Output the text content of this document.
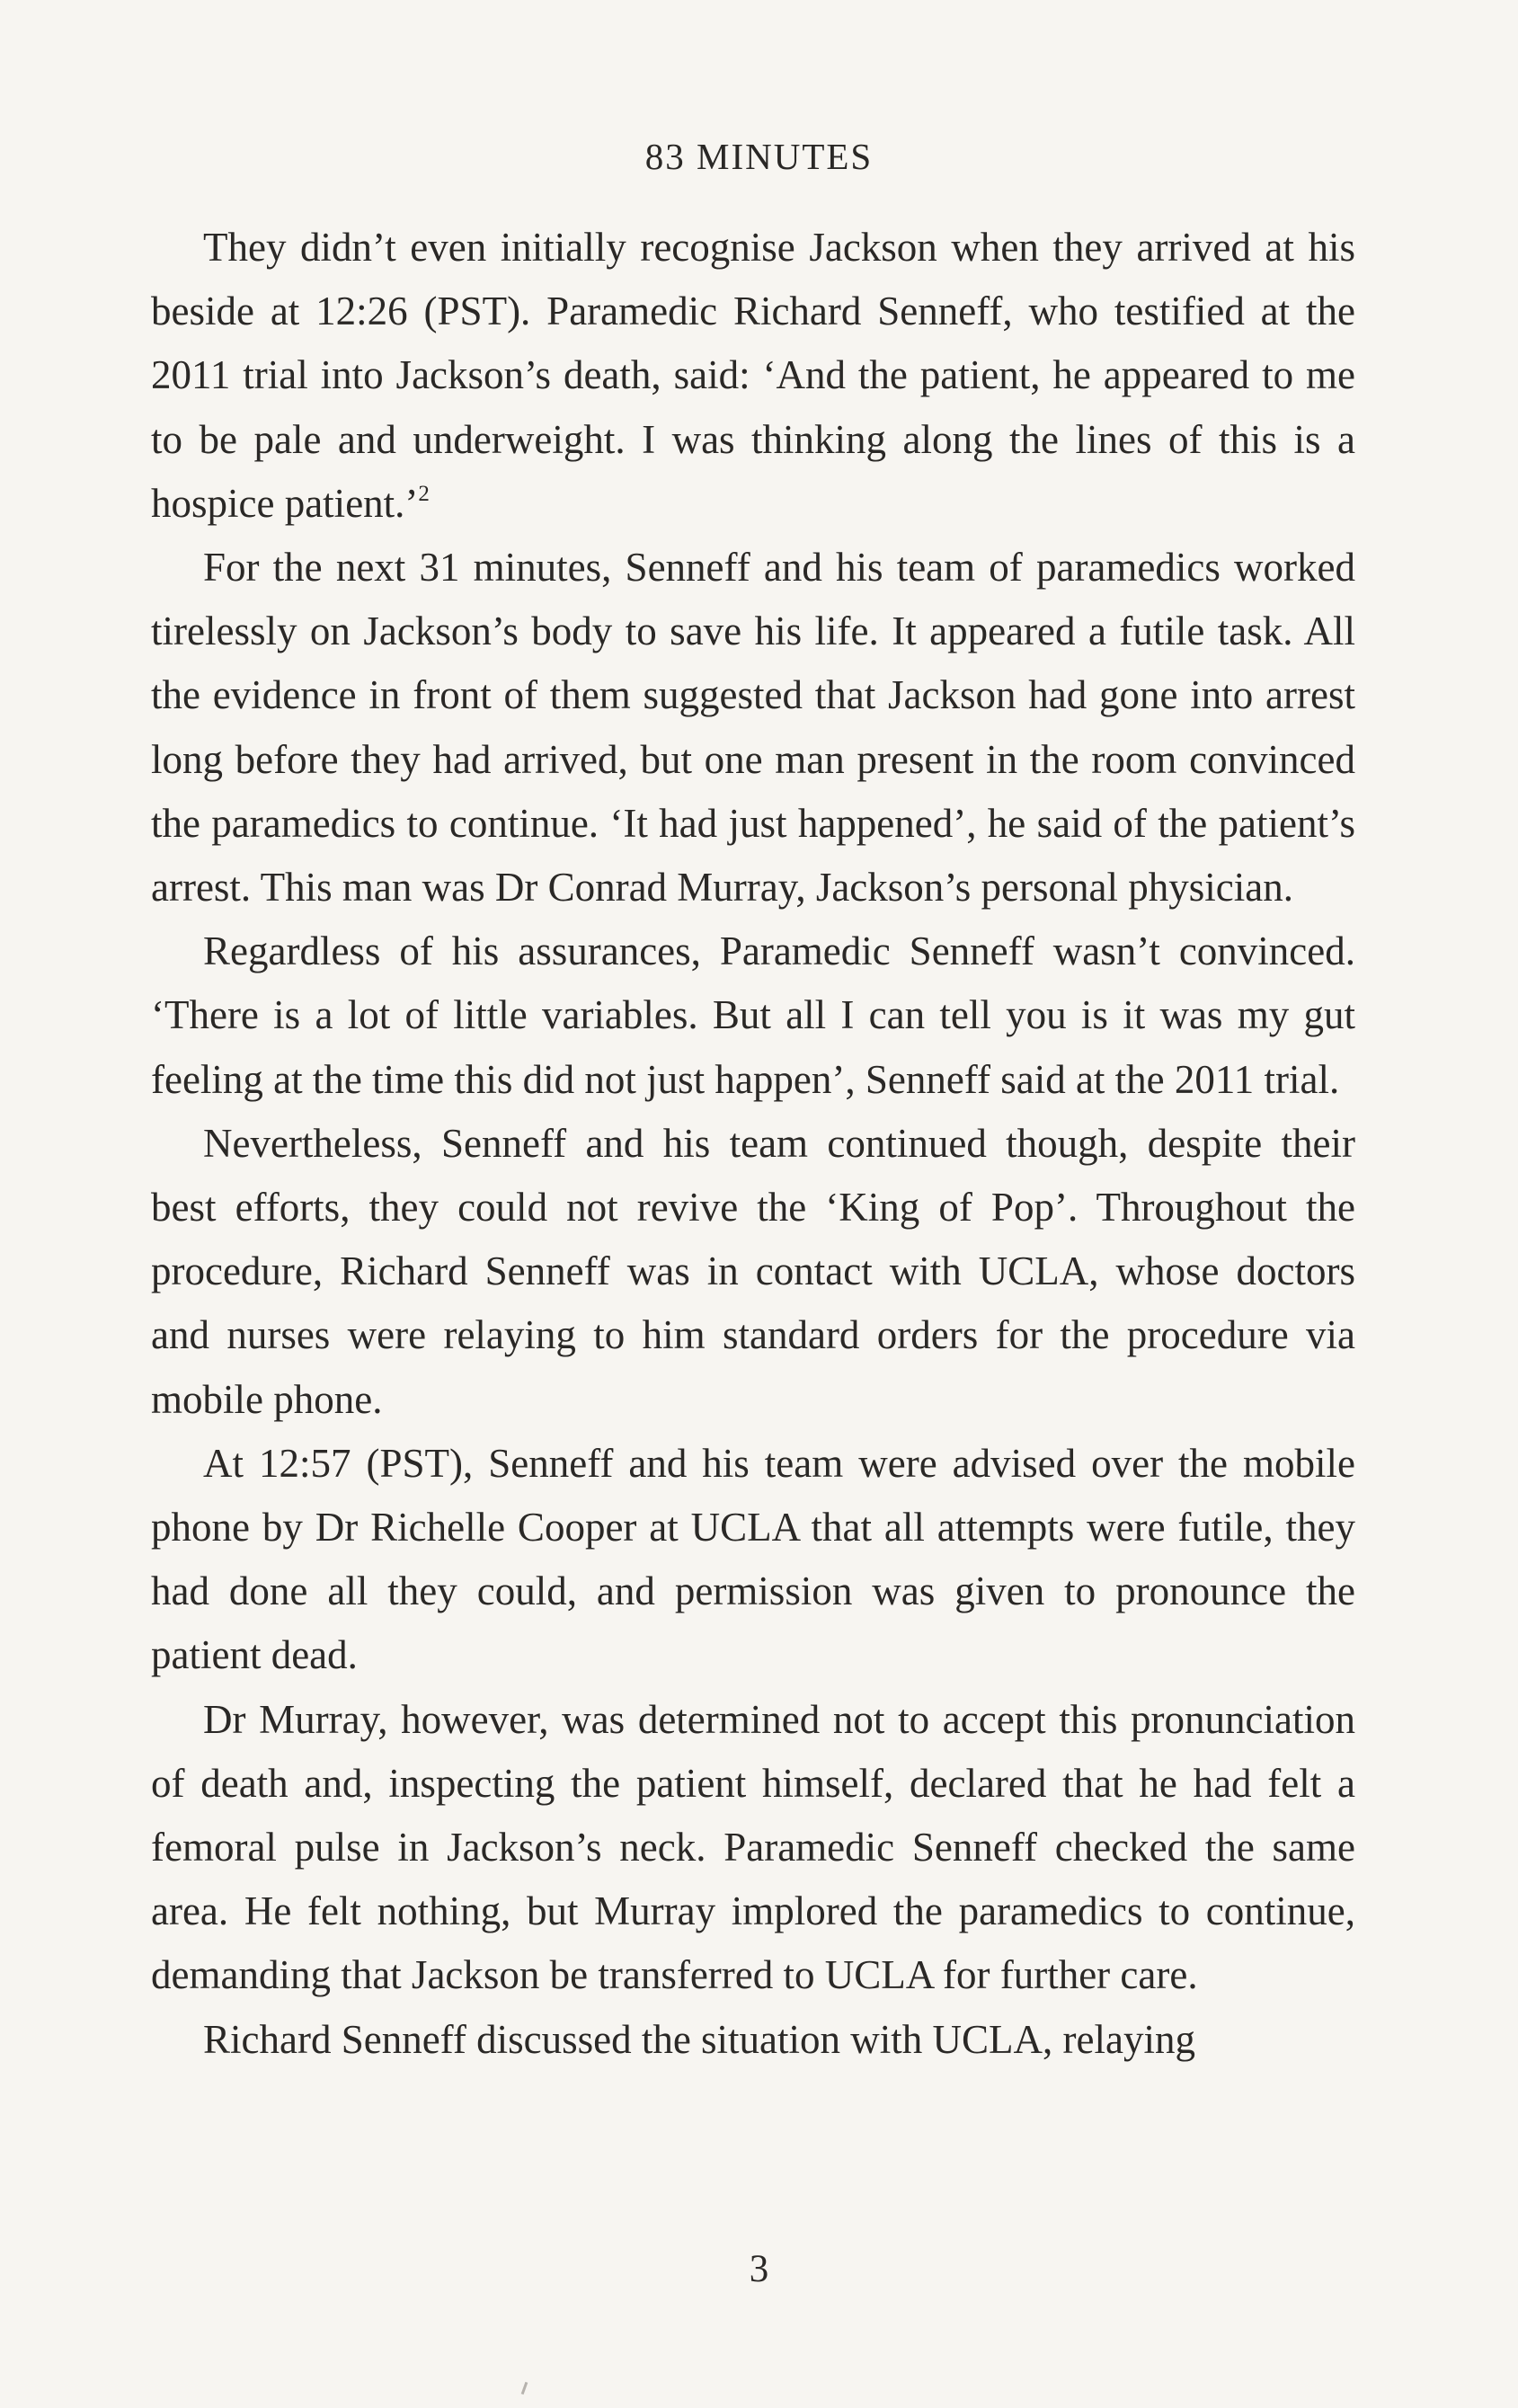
83 MINUTES

They didn’t even initially recognise Jackson when they arrived at his beside at 12:26 (PST). Paramedic Richard Senneff, who testified at the 2011 trial into Jackson’s death, said: ‘And the patient, he appeared to me to be pale and underweight. I was thinking along the lines of this is a hospice patient.’$^2$

For the next 31 minutes, Senneff and his team of paramedics worked tirelessly on Jackson’s body to save his life. It appeared a futile task. All the evidence in front of them suggested that Jackson had gone into arrest long before they had arrived, but one man present in the room convinced the paramedics to continue. ‘It had just happened’, he said of the patient’s arrest. This man was Dr Conrad Murray, Jackson’s personal physician.

Regardless of his assurances, Paramedic Senneff wasn’t convinced. ‘There is a lot of little variables. But all I can tell you is it was my gut feeling at the time this did not just happen’, Senneff said at the 2011 trial.

Nevertheless, Senneff and his team continued though, despite their best efforts, they could not revive the ‘King of Pop’. Throughout the procedure, Richard Senneff was in contact with UCLA, whose doctors and nurses were relaying to him standard orders for the procedure via mobile phone.

At 12:57 (PST), Senneff and his team were advised over the mobile phone by Dr Richelle Cooper at UCLA that all attempts were futile, they had done all they could, and permission was given to pronounce the patient dead.

Dr Murray, however, was determined not to accept this pronunciation of death and, inspecting the patient himself, declared that he had felt a femoral pulse in Jackson’s neck. Paramedic Senneff checked the same area. He felt nothing, but Murray implored the paramedics to continue, demanding that Jackson be transferred to UCLA for further care.

Richard Senneff discussed the situation with UCLA, relaying

3
